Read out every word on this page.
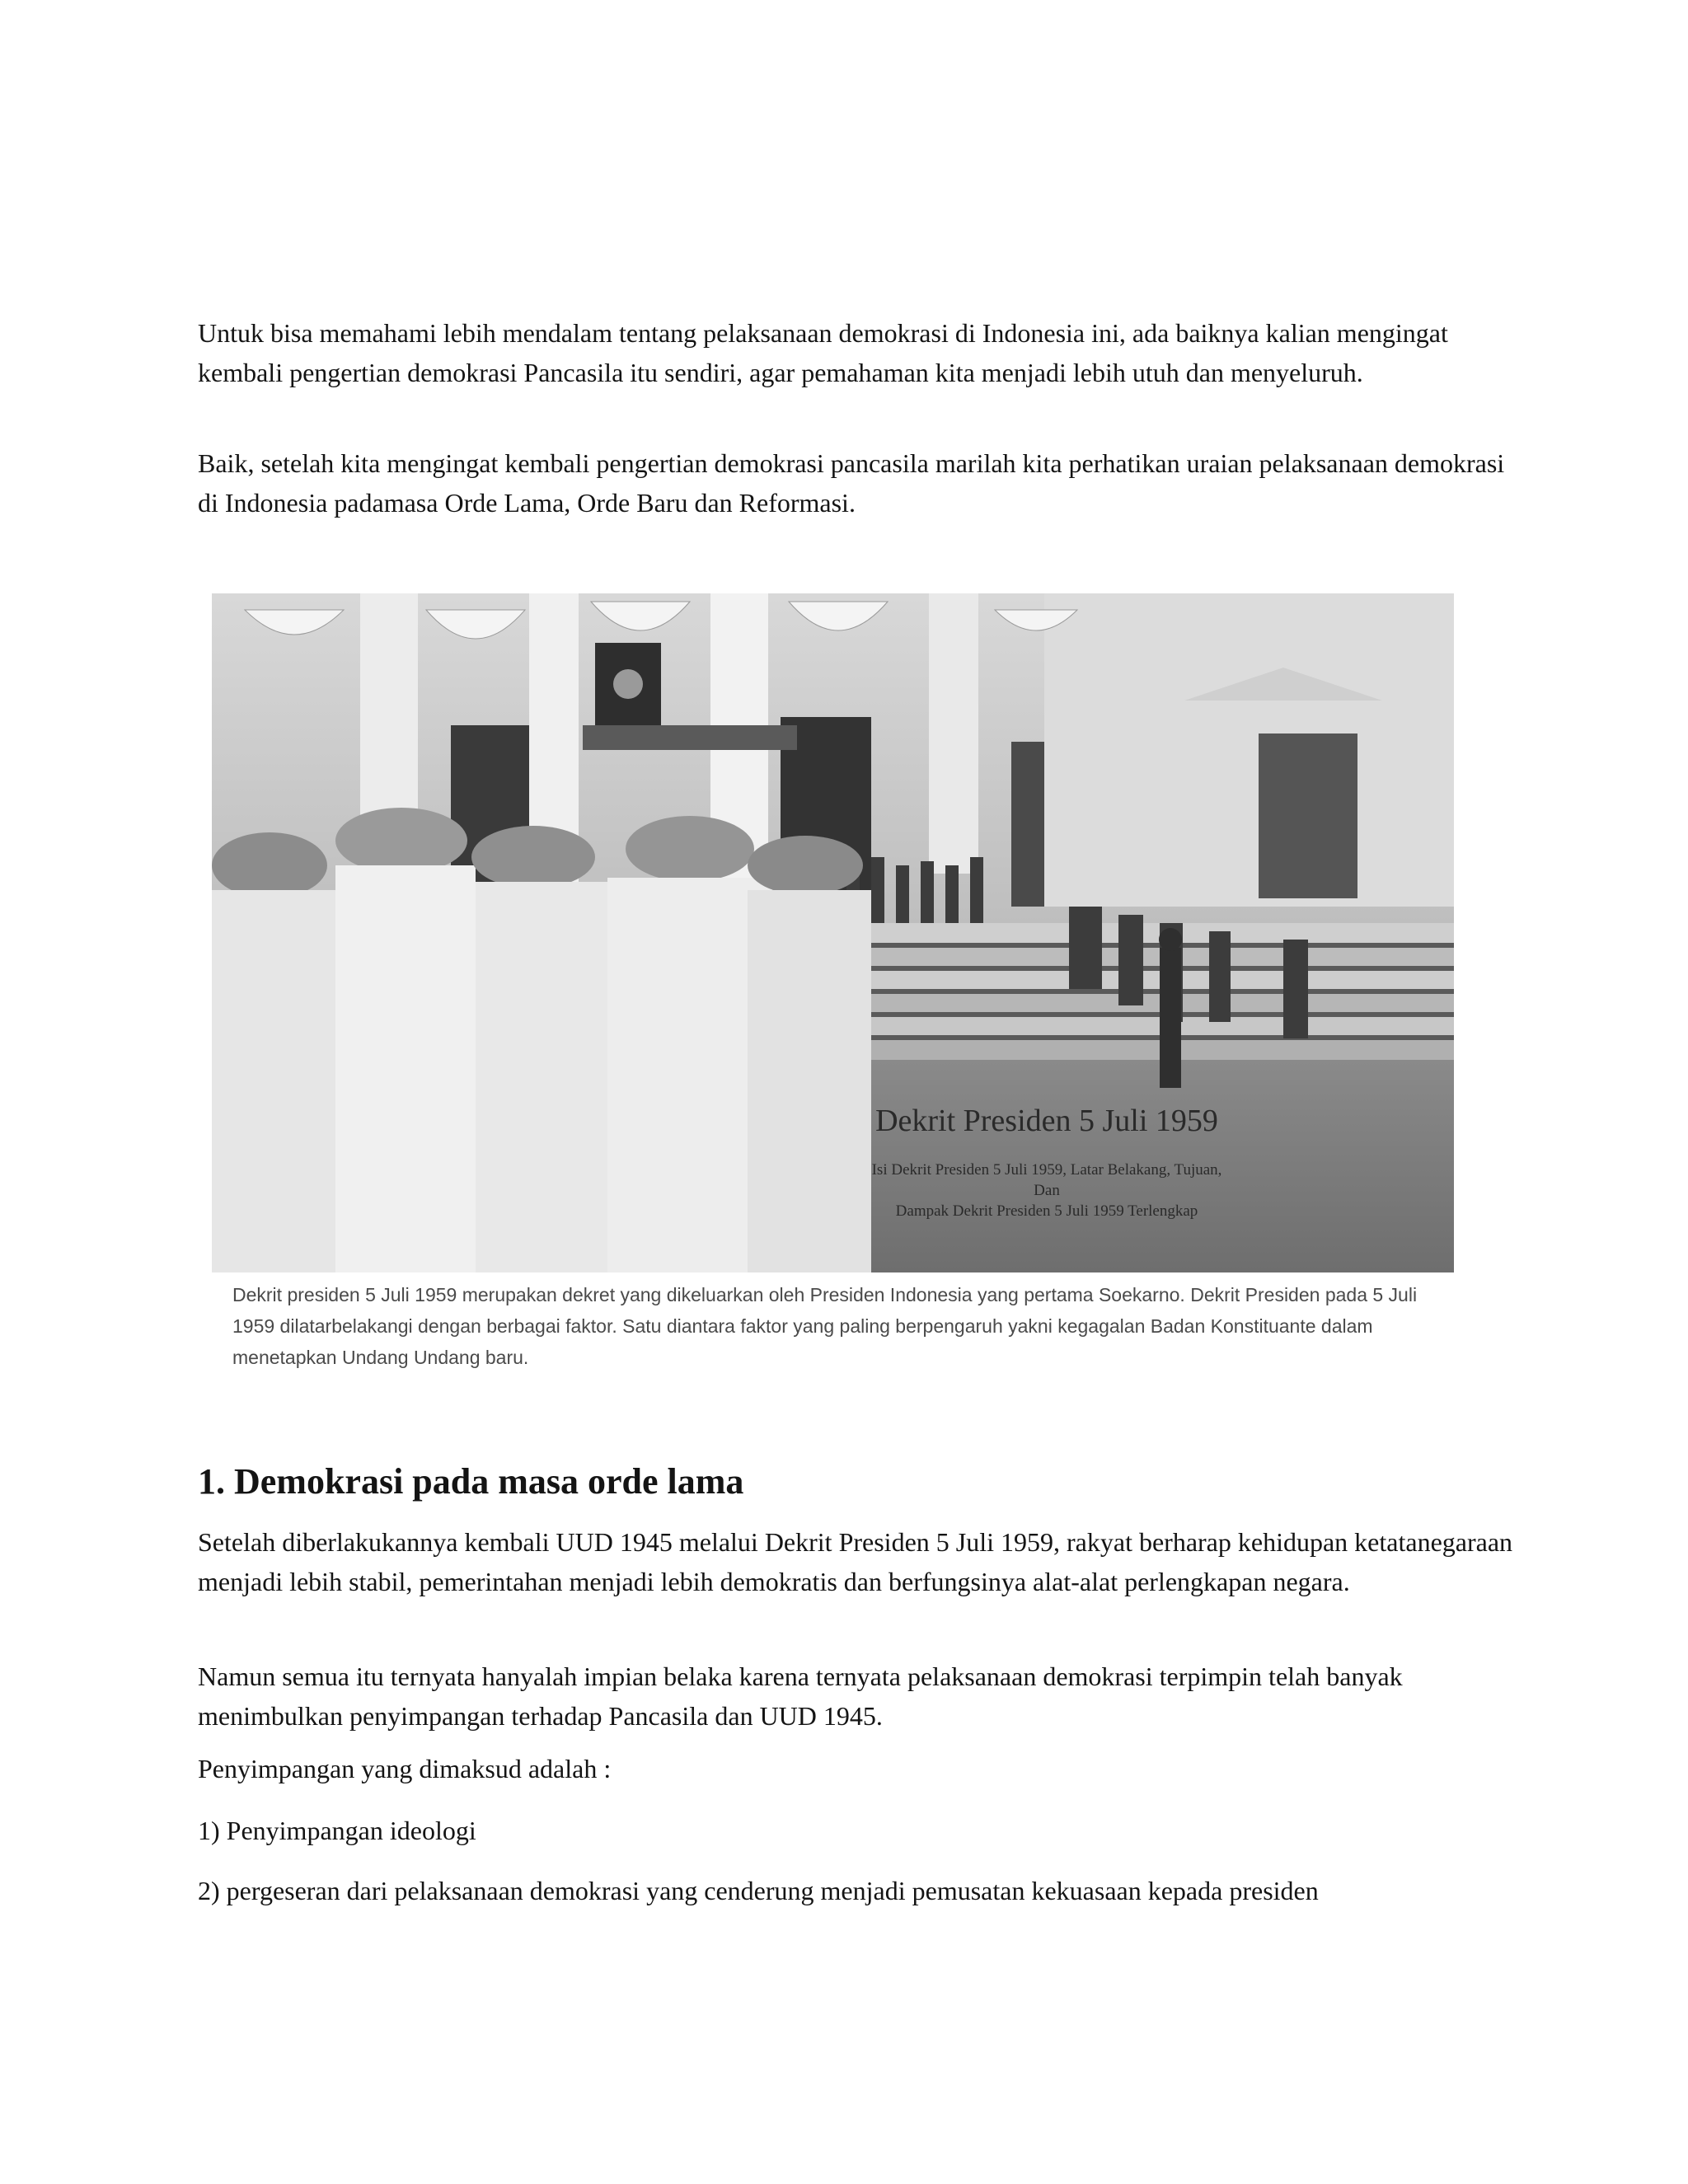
Untuk bisa memahami lebih mendalam tentang pelaksanaan demokrasi di Indonesia ini, ada baiknya kalian mengingat kembali pengertian demokrasi Pancasila itu sendiri, agar pemahaman kita menjadi lebih utuh dan menyeluruh.

Baik, setelah kita mengingat kembali pengertian demokrasi pancasila marilah kita perhatikan uraian pelaksanaan demokrasi di Indonesia padamasa Orde Lama, Orde Baru dan Reformasi.

Dekrit Presiden 5 Juli 1959
Isi Dekrit Presiden 5 Juli 1959, Latar Belakang, Tujuan,
Dan
Dampak Dekrit Presiden 5 Juli 1959 Terlengkap

Dekrit presiden 5 Juli 1959 merupakan dekret yang dikeluarkan oleh Presiden Indonesia yang pertama Soekarno. Dekrit Presiden pada 5 Juli 1959 dilatarbelakangi dengan berbagai faktor. Satu diantara faktor yang paling berpengaruh yakni kegagalan Badan Konstituante dalam menetapkan Undang Undang baru.

1. Demokrasi pada masa orde lama

Setelah diberlakukannya kembali UUD 1945 melalui Dekrit Presiden 5 Juli 1959, rakyat berharap kehidupan ketatanegaraan menjadi lebih stabil, pemerintahan menjadi lebih demokratis dan berfungsinya alat-alat perlengkapan negara.

Namun semua itu ternyata hanyalah impian belaka karena ternyata pelaksanaan demokrasi terpimpin telah banyak menimbulkan penyimpangan terhadap Pancasila dan UUD 1945.

Penyimpangan yang dimaksud adalah :

1) Penyimpangan ideologi

2) pergeseran dari pelaksanaan demokrasi yang cenderung menjadi pemusatan kekuasaan kepada presiden
